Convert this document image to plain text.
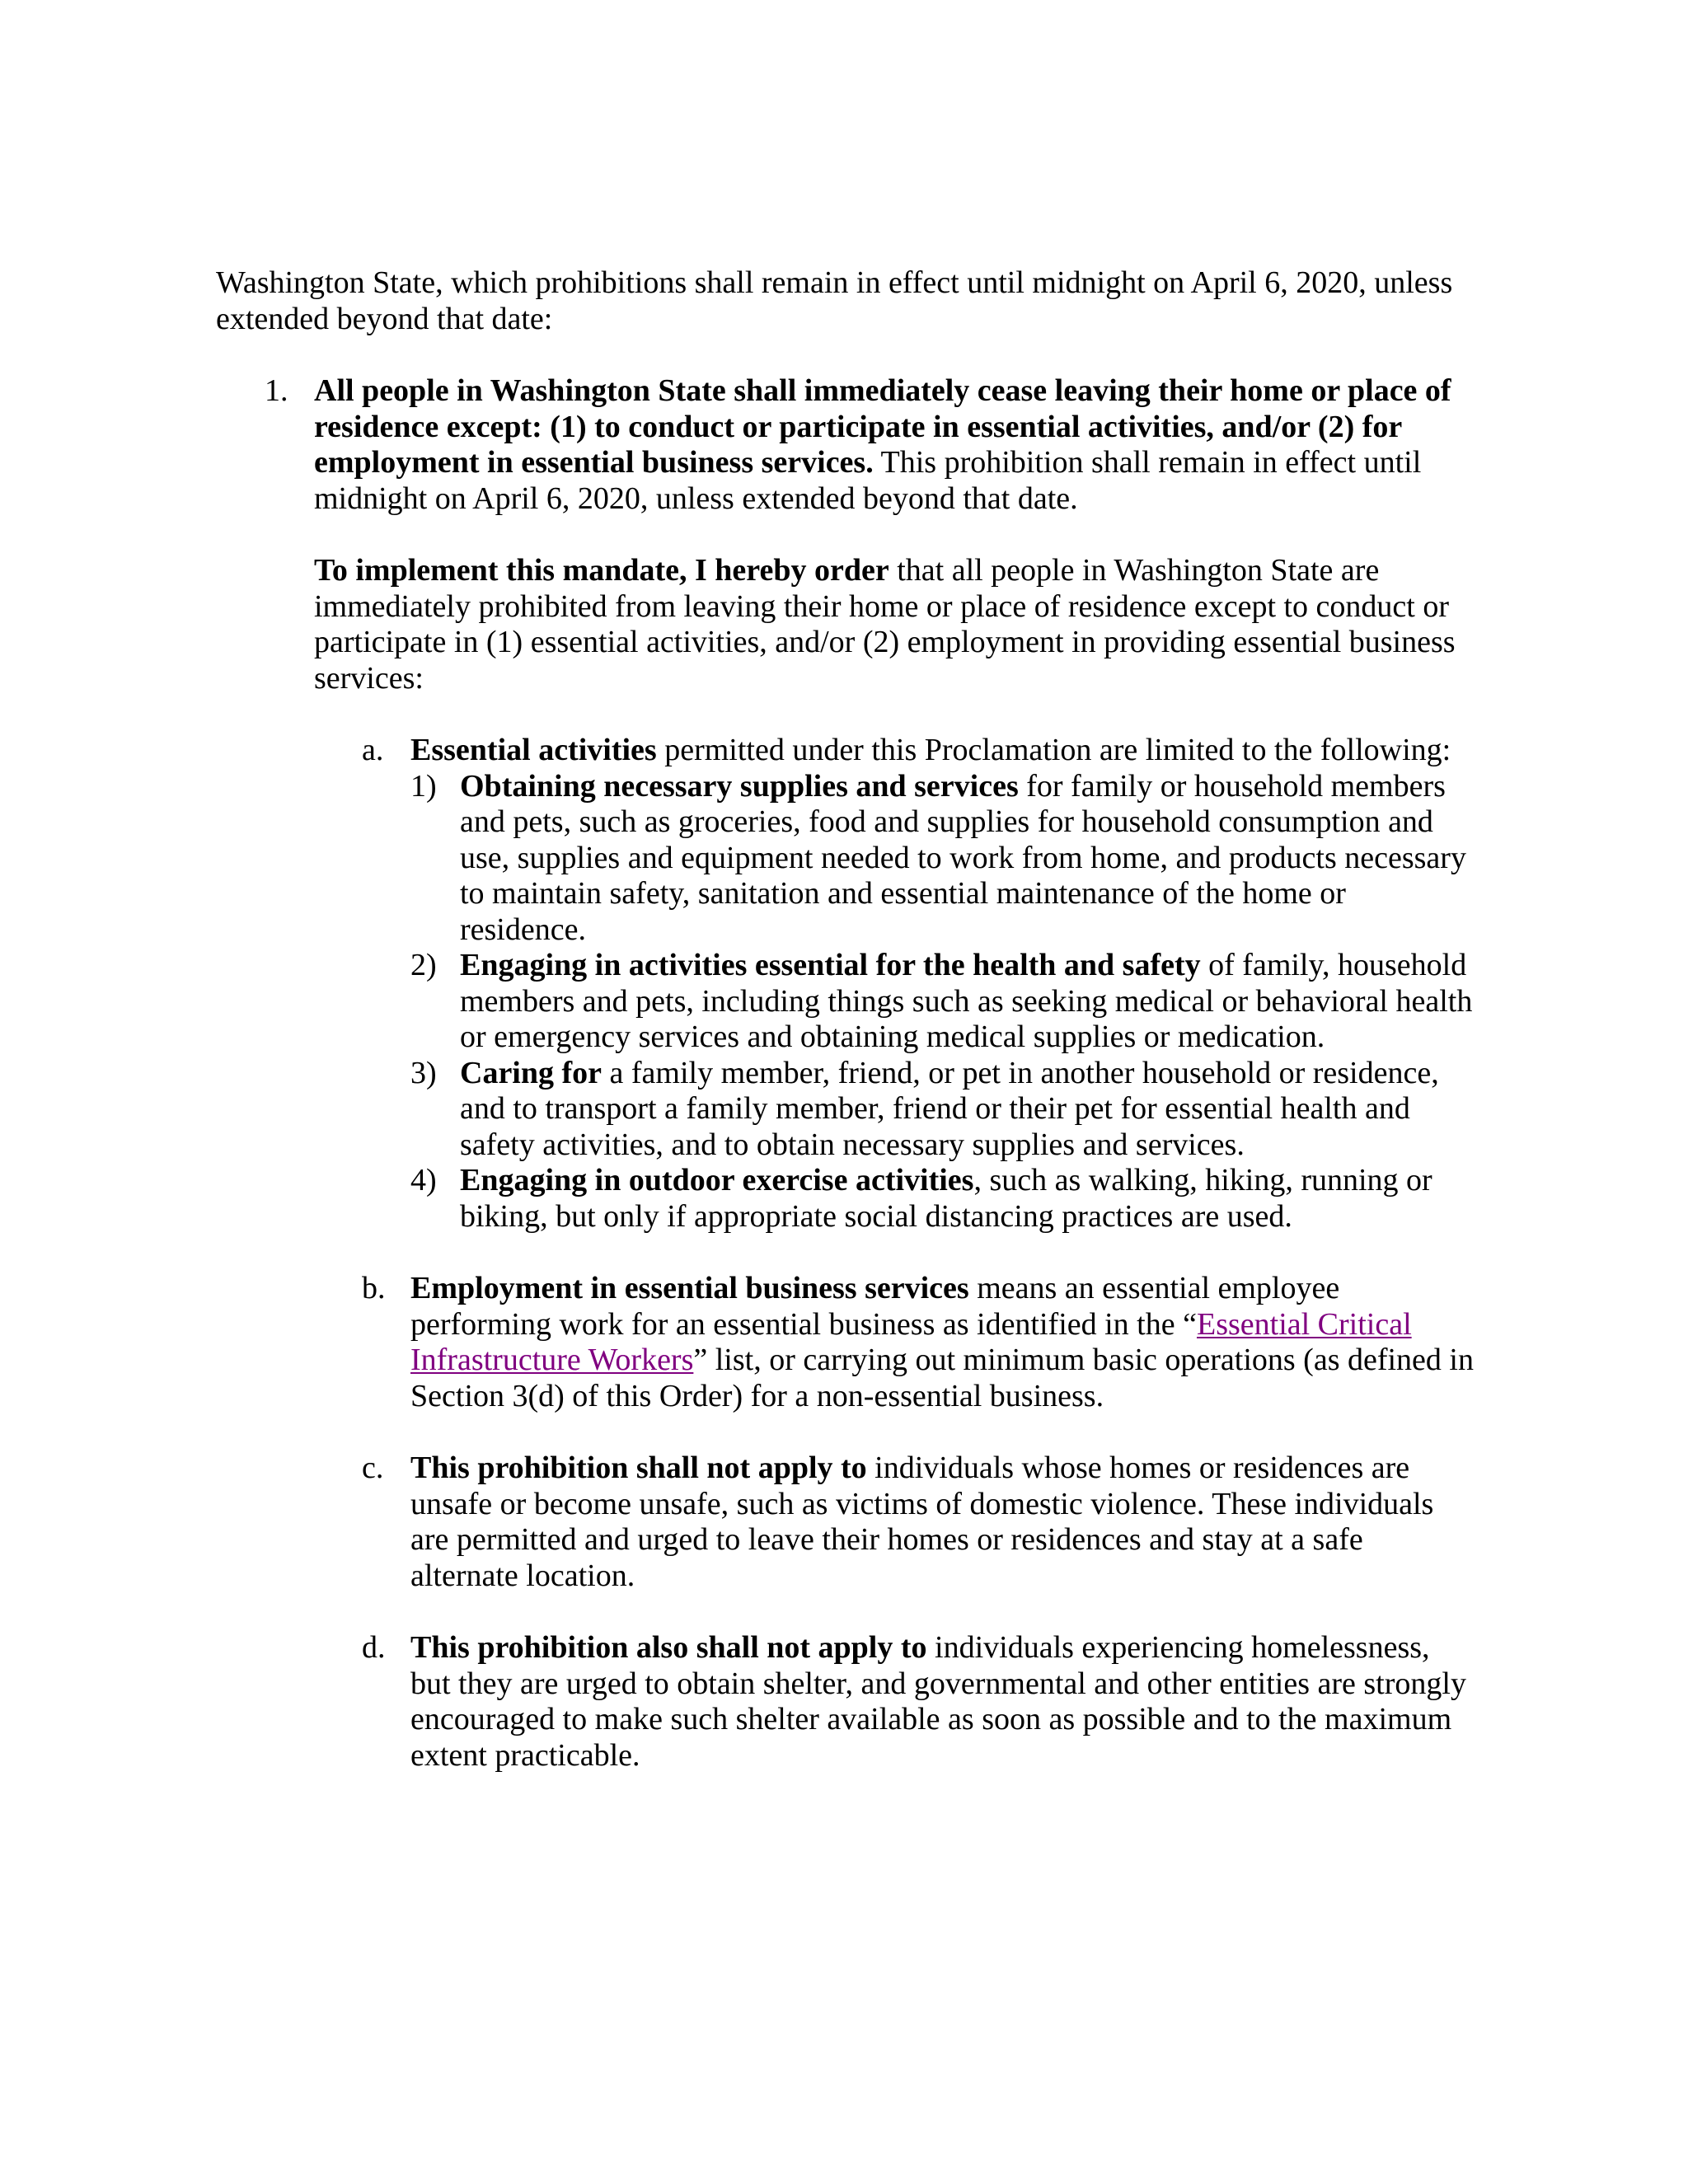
Washington State, which prohibitions shall remain in effect until midnight on April 6, 2020, unless extended beyond that date:

1. All people in Washington State shall immediately cease leaving their home or place of residence except: (1) to conduct or participate in essential activities, and/or (2) for employment in essential business services. This prohibition shall remain in effect until midnight on April 6, 2020, unless extended beyond that date.

To implement this mandate, I hereby order that all people in Washington State are immediately prohibited from leaving their home or place of residence except to conduct or participate in (1) essential activities, and/or (2) employment in providing essential business services:

a. Essential activities permitted under this Proclamation are limited to the following:

1) Obtaining necessary supplies and services for family or household members and pets, such as groceries, food and supplies for household consumption and use, supplies and equipment needed to work from home, and products necessary to maintain safety, sanitation and essential maintenance of the home or residence.

2) Engaging in activities essential for the health and safety of family, household members and pets, including things such as seeking medical or behavioral health or emergency services and obtaining medical supplies or medication.

3) Caring for a family member, friend, or pet in another household or residence, and to transport a family member, friend or their pet for essential health and safety activities, and to obtain necessary supplies and services.

4) Engaging in outdoor exercise activities, such as walking, hiking, running or biking, but only if appropriate social distancing practices are used.

b. Employment in essential business services means an essential employee performing work for an essential business as identified in the “Essential Critical Infrastructure Workers” list, or carrying out minimum basic operations (as defined in Section 3(d) of this Order) for a non-essential business.

c. This prohibition shall not apply to individuals whose homes or residences are unsafe or become unsafe, such as victims of domestic violence. These individuals are permitted and urged to leave their homes or residences and stay at a safe alternate location.

d. This prohibition also shall not apply to individuals experiencing homelessness, but they are urged to obtain shelter, and governmental and other entities are strongly encouraged to make such shelter available as soon as possible and to the maximum extent practicable.
